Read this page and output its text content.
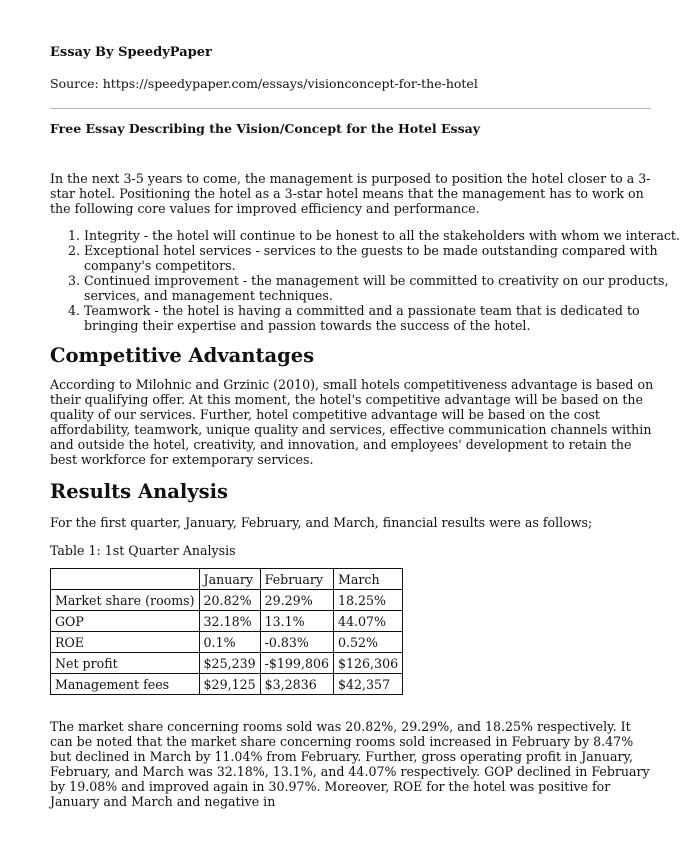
Essay By SpeedyPaper
Source: https://speedypaper.com/essays/visionconcept-for-the-hotel
Free Essay Describing the Vision/Concept for the Hotel Essay

In the next 3-5 years to come, the management is purposed to position the hotel closer to a 3-star hotel. Positioning the hotel as a 3-star hotel means that the management has to work on the following core values for improved efficiency and performance.

1. Integrity - the hotel will continue to be honest to all the stakeholders with whom we interact.
2. Exceptional hotel services - services to the guests to be made outstanding compared with company's competitors.
3. Continued improvement - the management will be committed to creativity on our products, services, and management techniques.
4. Teamwork - the hotel is having a committed and a passionate team that is dedicated to bringing their expertise and passion towards the success of the hotel.
Competitive Advantages

According to Milohnic and Grzinic (2010), small hotels competitiveness advantage is based on their qualifying offer. At this moment, the hotel's competitive advantage will be based on the quality of our services. Further, hotel competitive advantage will be based on the cost affordability, teamwork, unique quality and services, effective communication channels within and outside the hotel, creativity, and innovation, and employees' development to retain the best workforce for extemporary services.

Results Analysis

For the first quarter, January, February, and March, financial results were as follows;

Table 1: 1st Quarter Analysis
	January	February	March
Market share (rooms)	20.82%	29.29%	18.25%
GOP	32.18%	13.1%	44.07%
ROE	0.1%	-0.83%	0.52%
Net profit	$25,239	-$199,806	$126,306
Management fees	$29,125	$3,2836	$42,357

The market share concerning rooms sold was 20.82%, 29.29%, and 18.25% respectively. It can be noted that the market share concerning rooms sold increased in February by 8.47% but declined in March by 11.04% from February. Further, gross operating profit in January, February, and March was 32.18%, 13.1%, and 44.07% respectively. GOP declined in February by 19.08% and improved again in 30.97%. Moreover, ROE for the hotel was positive for January and March and negative in
